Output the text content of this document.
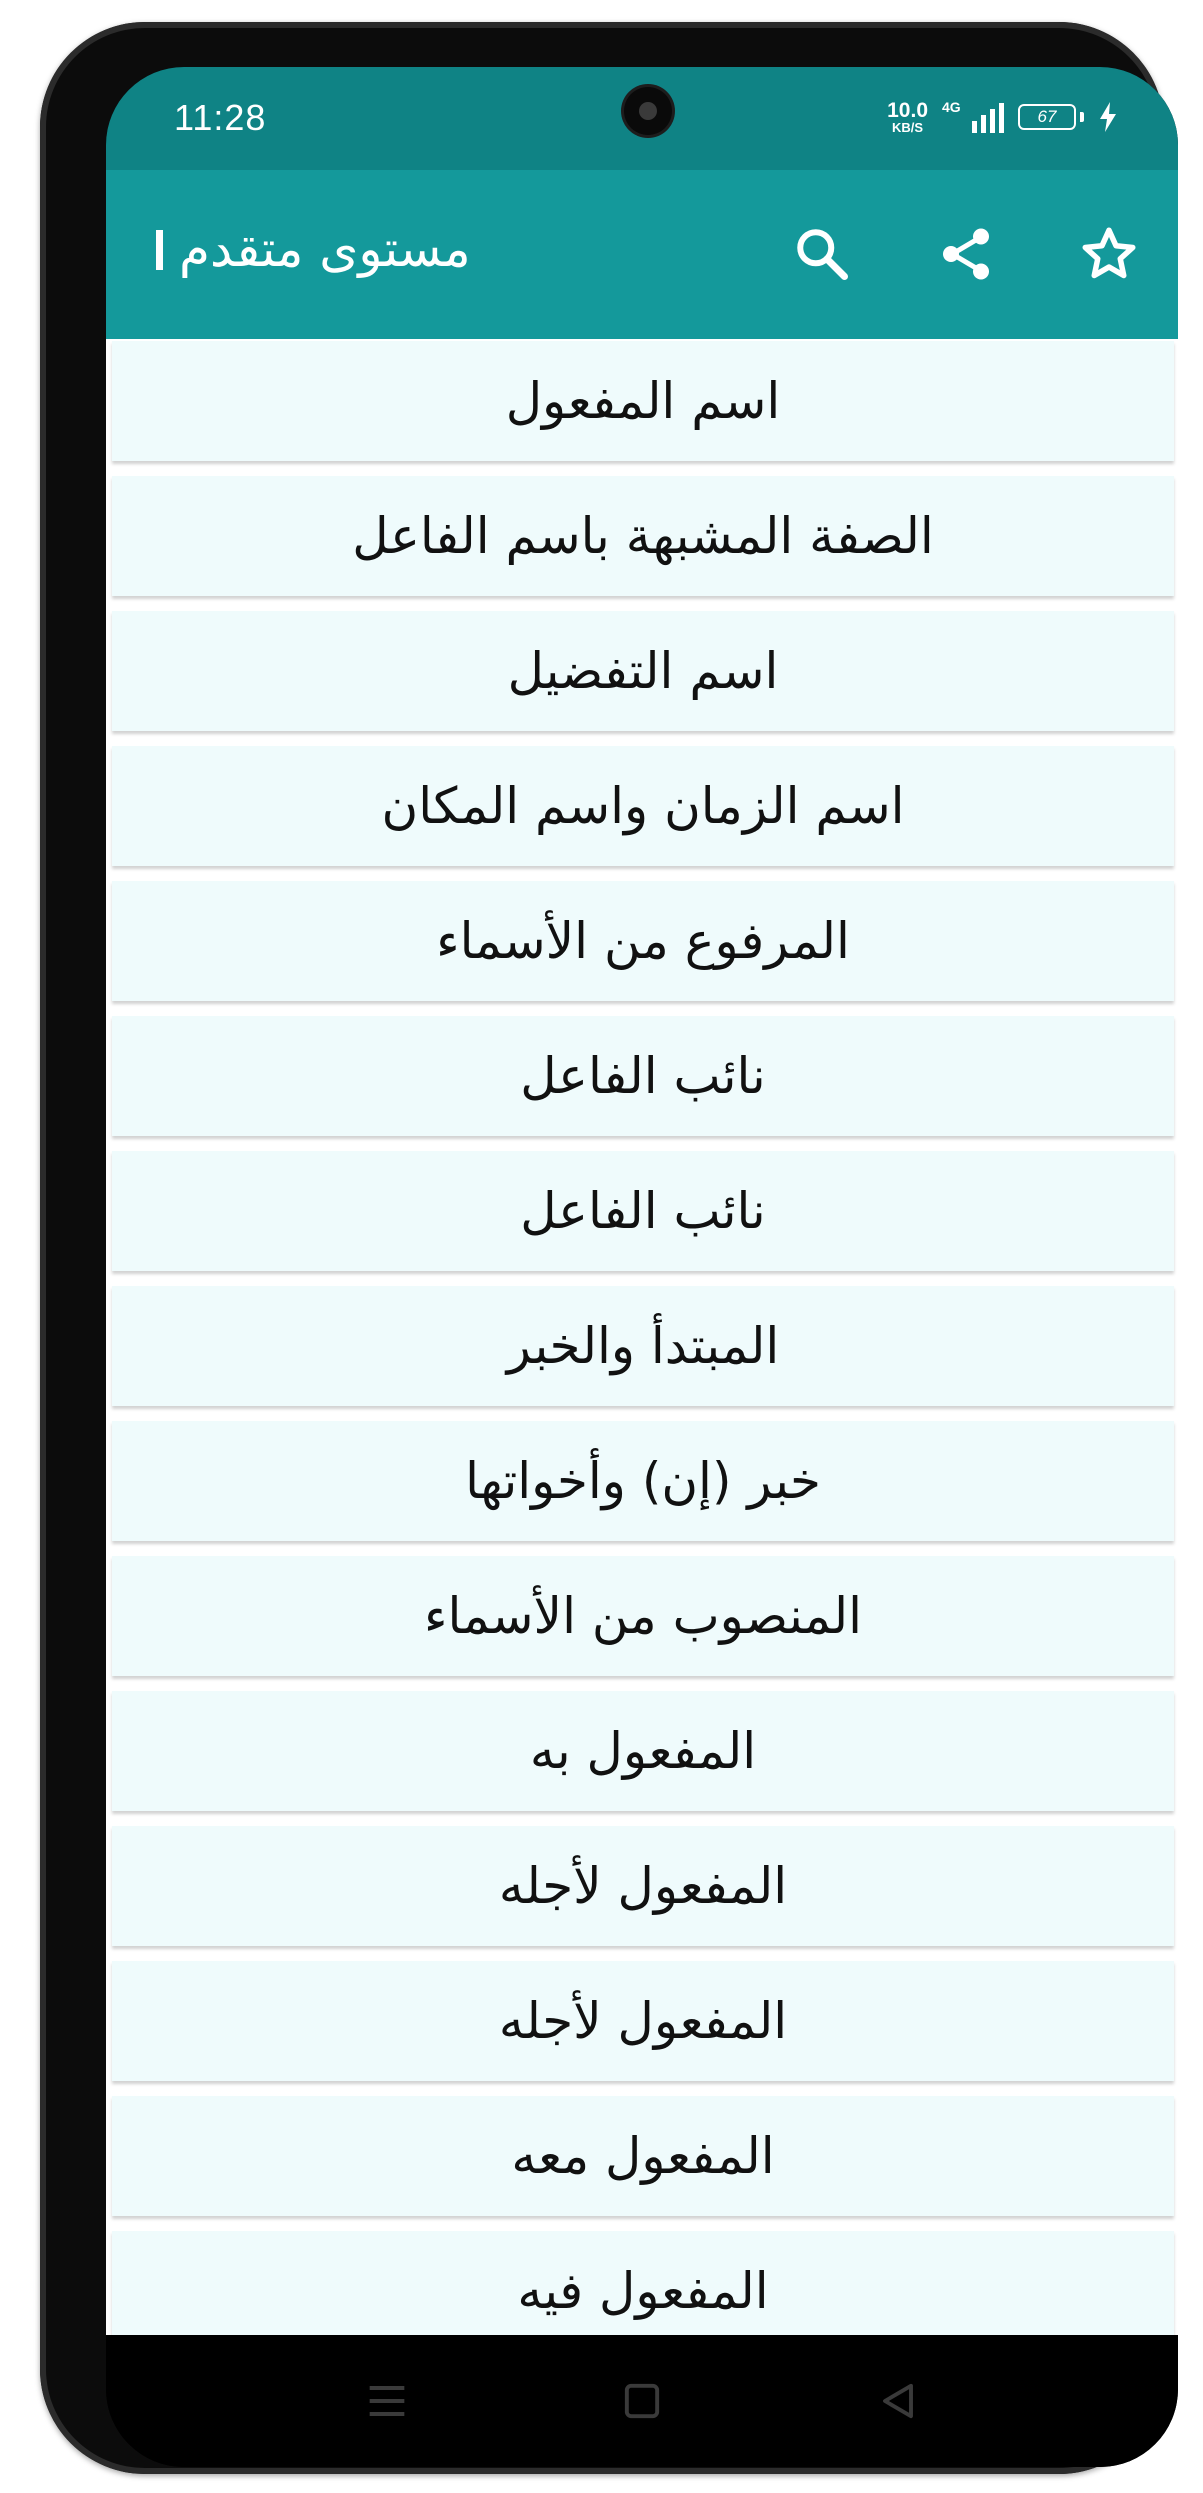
11:28	10.0
KB/S
4G	67
مستوى متقدم
اسم المفعول
الصفة المشبهة باسم الفاعل
اسم التفضيل
اسم الزمان واسم المكان
المرفوع من الأسماء
نائب الفاعل
نائب الفاعل
المبتدأ والخبر
خبر (إن) وأخواتها
المنصوب من الأسماء
المفعول به
المفعول لأجله
المفعول لأجله
المفعول معه
المفعول فيه
